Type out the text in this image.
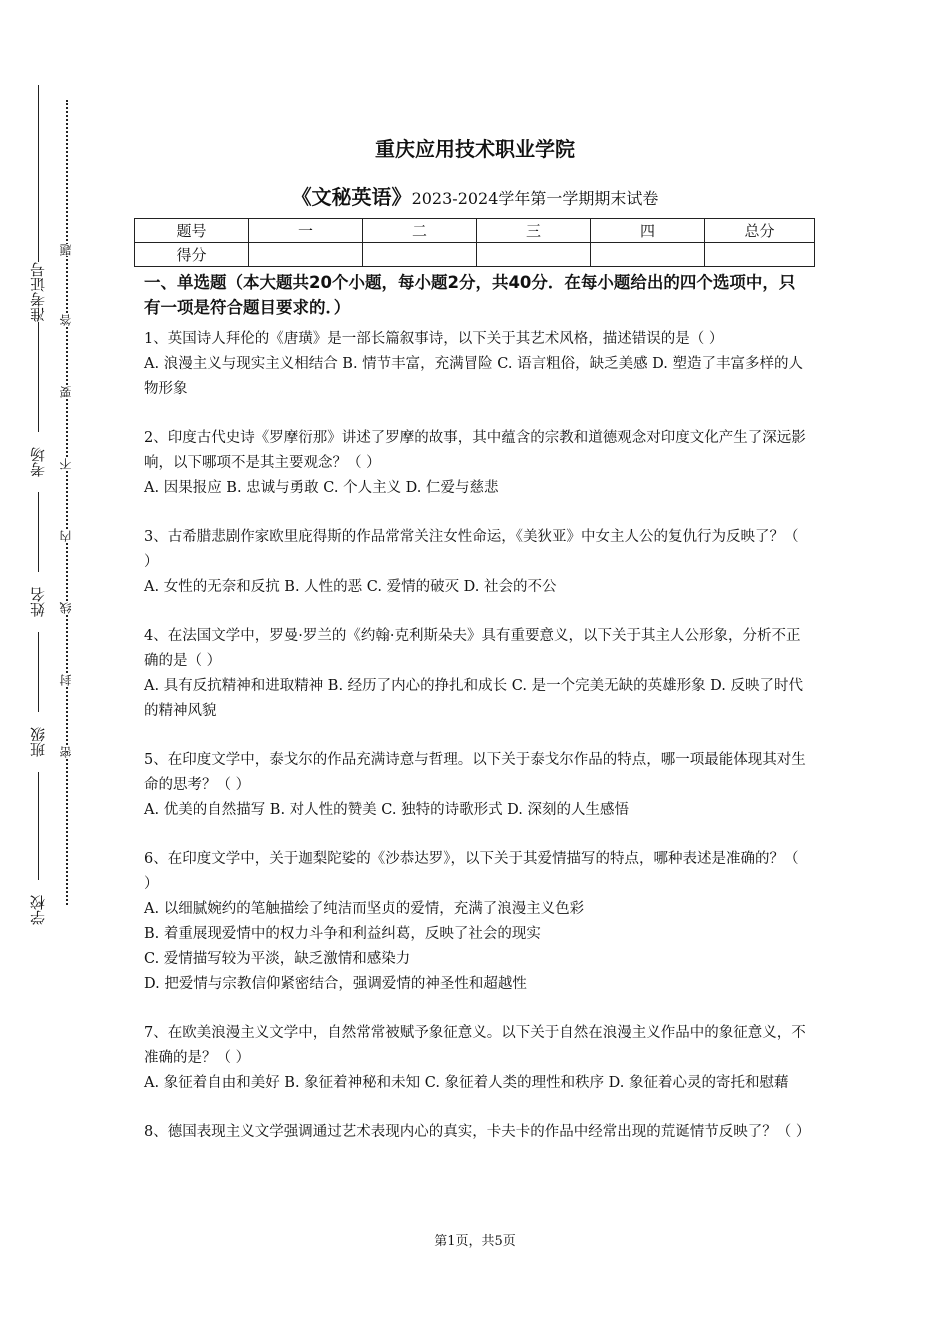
准考证号
考场
姓名
班级
学校
题
答
要
不
内
线
封
密
重庆应用技术职业学院
《文秘英语》2023-2024学年第一学期期末试卷
题号	一	二	三	四	总分
得分					

一、单选题（本大题共20个小题，每小题2分，共40分．在每小题给出的四个选项中，只有一项是符合题目要求的．）

1、英国诗人拜伦的《唐璜》是一部长篇叙事诗，以下关于其艺术风格，描述错误的是（ ）

A. 浪漫主义与现实主义相结合 B. 情节丰富，充满冒险 C. 语言粗俗，缺乏美感 D. 塑造了丰富多样的人物形象

2、印度古代史诗《罗摩衍那》讲述了罗摩的故事，其中蕴含的宗教和道德观念对印度文化产生了深远影响，以下哪项不是其主要观念？（ ）

A. 因果报应 B. 忠诚与勇敢 C. 个人主义 D. 仁爱与慈悲

3、古希腊悲剧作家欧里庇得斯的作品常常关注女性命运，《美狄亚》中女主人公的复仇行为反映了？（ ）

A. 女性的无奈和反抗 B. 人性的恶 C. 爱情的破灭 D. 社会的不公

4、在法国文学中，罗曼·罗兰的《约翰·克利斯朵夫》具有重要意义，以下关于其主人公形象，分析不正确的是（ ）

A. 具有反抗精神和进取精神 B. 经历了内心的挣扎和成长 C. 是一个完美无缺的英雄形象 D. 反映了时代的精神风貌

5、在印度文学中，泰戈尔的作品充满诗意与哲理。以下关于泰戈尔作品的特点，哪一项最能体现其对生命的思考？（ ）

A. 优美的自然描写 B. 对人性的赞美 C. 独特的诗歌形式 D. 深刻的人生感悟

6、在印度文学中，关于迦梨陀娑的《沙恭达罗》，以下关于其爱情描写的特点，哪种表述是准确的？（ ）

A. 以细腻婉约的笔触描绘了纯洁而坚贞的爱情，充满了浪漫主义色彩

B. 着重展现爱情中的权力斗争和利益纠葛，反映了社会的现实

C. 爱情描写较为平淡，缺乏激情和感染力

D. 把爱情与宗教信仰紧密结合，强调爱情的神圣性和超越性

7、在欧美浪漫主义文学中，自然常常被赋予象征意义。以下关于自然在浪漫主义作品中的象征意义，不准确的是？（ ）

A. 象征着自由和美好 B. 象征着神秘和未知 C. 象征着人类的理性和秩序 D. 象征着心灵的寄托和慰藉

8、德国表现主义文学强调通过艺术表现内心的真实，卡夫卡的作品中经常出现的荒诞情节反映了？（ ）

第1页，共5页
